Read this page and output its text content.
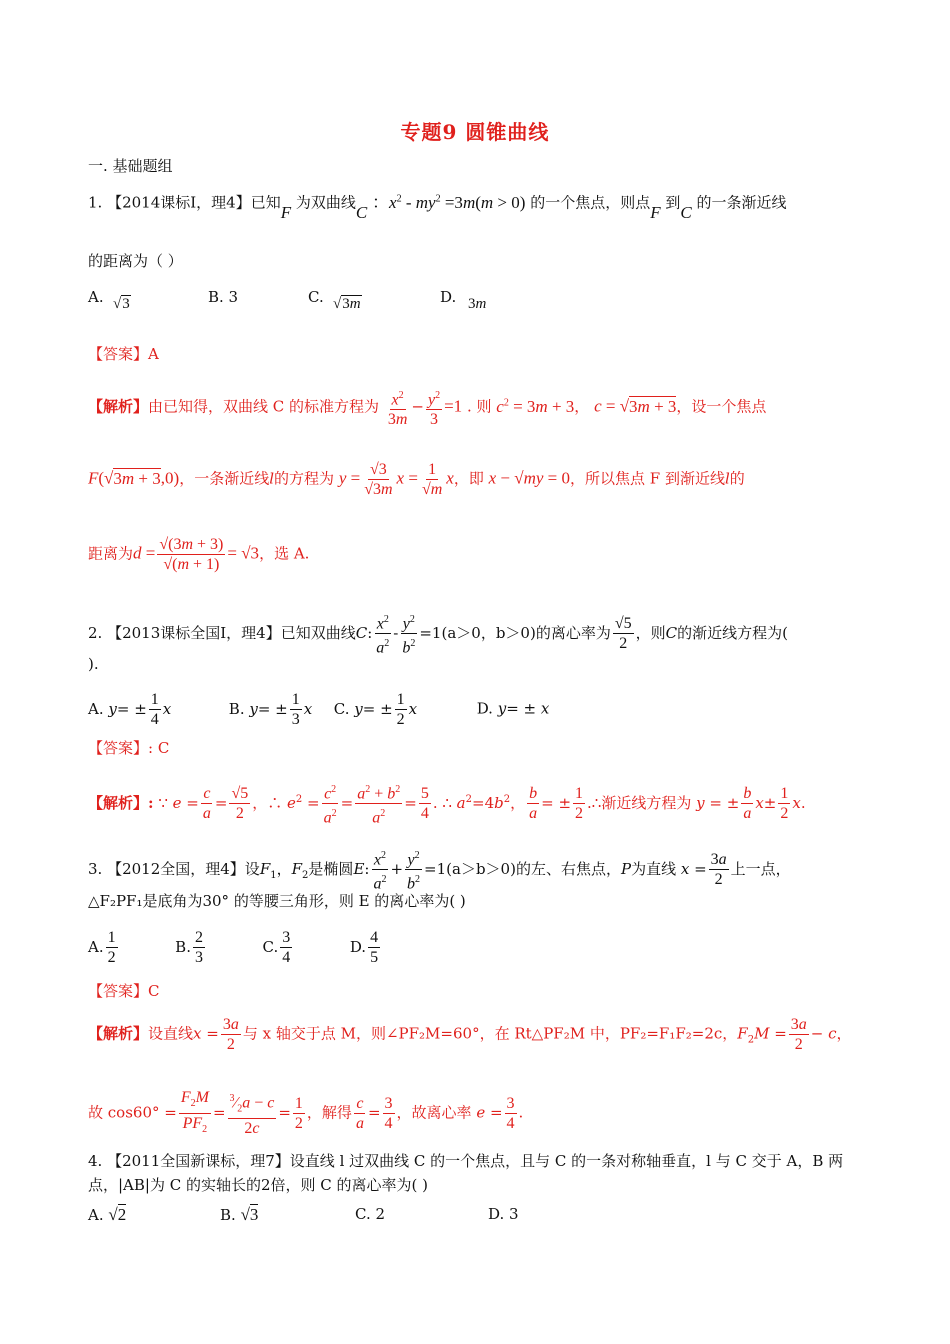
专题9 圆锥曲线
一. 基础题组
1. 【2014课标Ⅰ，理4】已知F 为双曲线C ：$x^2 - my^2 =3m(m > 0)$ 的一个焦点，则点F 到C 的一条渐近线
的距离为（ ）
A. √3	B. 3	C. √3m	D. 3m
【答案】A
【解析】由已知得，双曲线 C 的标准方程为 $\frac{x^2}{3m} - \frac{y^2}{3} =1$ . 则 $c^2 = 3m + 3$， c = √3m + 3，设一个焦点
F(√3m + 3,0)，一条渐近线l的方程为 $y = \frac{√3}{√3m}$ $x = \frac{1}{√m}$ x，即 x − √my = 0，所以焦点 F 到渐近线l的
距离为$d = \frac{√(3m + 3)}{√(m + 1)} = √3$，选 A.
2. 【2013课标全国Ⅰ，理4】已知双曲线C: $\frac{x^2}{a^2} - \frac{y^2}{b^2} =1(a>0$，b＞0)的离心率为 $\frac{√5}{2}$ ，则C的渐近线方程为(
).
A. $y= \pm \frac{1}{4}$ x	B. $y= \pm \frac{1}{3}$ x C. $y= \pm \frac{1}{2}$ x	D. y= ± x
【答案】: C
【解析】: ∵ $e = \frac{c}{a} = \frac{√5}{2}$ ，∴ $e^2 = \frac{c^2}{a^2} = \frac{a^2 + b^2}{a^2} = \frac{5}{4}$ . ∴ $a^2=4b^2$， $\frac{b}{a}$ = ± $\frac{1}{2}$ .∴渐近线方程为 y = ± $\frac{b}{a} x\pm \frac{1}{2} x$.
3. 【2012全国，理4】设$F_1$，$F_2$是椭圆E: $\frac{x^2}{a^2} + \frac{y^2}{b^2} =1(a>b>0)$的左、右焦点，P为直线 $x = \frac{3a}{2}$ 上一点，
△F₂PF₁是底角为30° 的等腰三角形，则 E 的离心率为( )
A. $\frac{1}{2}$	B. $\frac{2}{3}$	C. $\frac{3}{4}$	D. $\frac{4}{5}$
【答案】C
【解析】设直线$x = \frac{3a}{2}$ 与 x 轴交于点 M，则∠PF₂M=60°，在 Rt△PF₂M 中，PF₂=F₁F₂=2c，$F_2M = \frac{3a}{2} - c$，
故 $\cos 60^\circ = \frac{F_2M}{PF_2} = \frac{^3⁄_2a - c}{2c} = \frac{1}{2}$ ，解得 $\frac{c}{a} = \frac{3}{4}$ ，故离心率 $e = \frac{3}{4}$ .
4. 【2011全国新课标，理7】设直线 l 过双曲线 C 的一个焦点，且与 C 的一条对称轴垂直，l 与 C 交于 A，B 两
点，|AB|为 C 的实轴长的2倍，则 C 的离心率为( )
A. √2	B. √3	C. 2	D. 3
